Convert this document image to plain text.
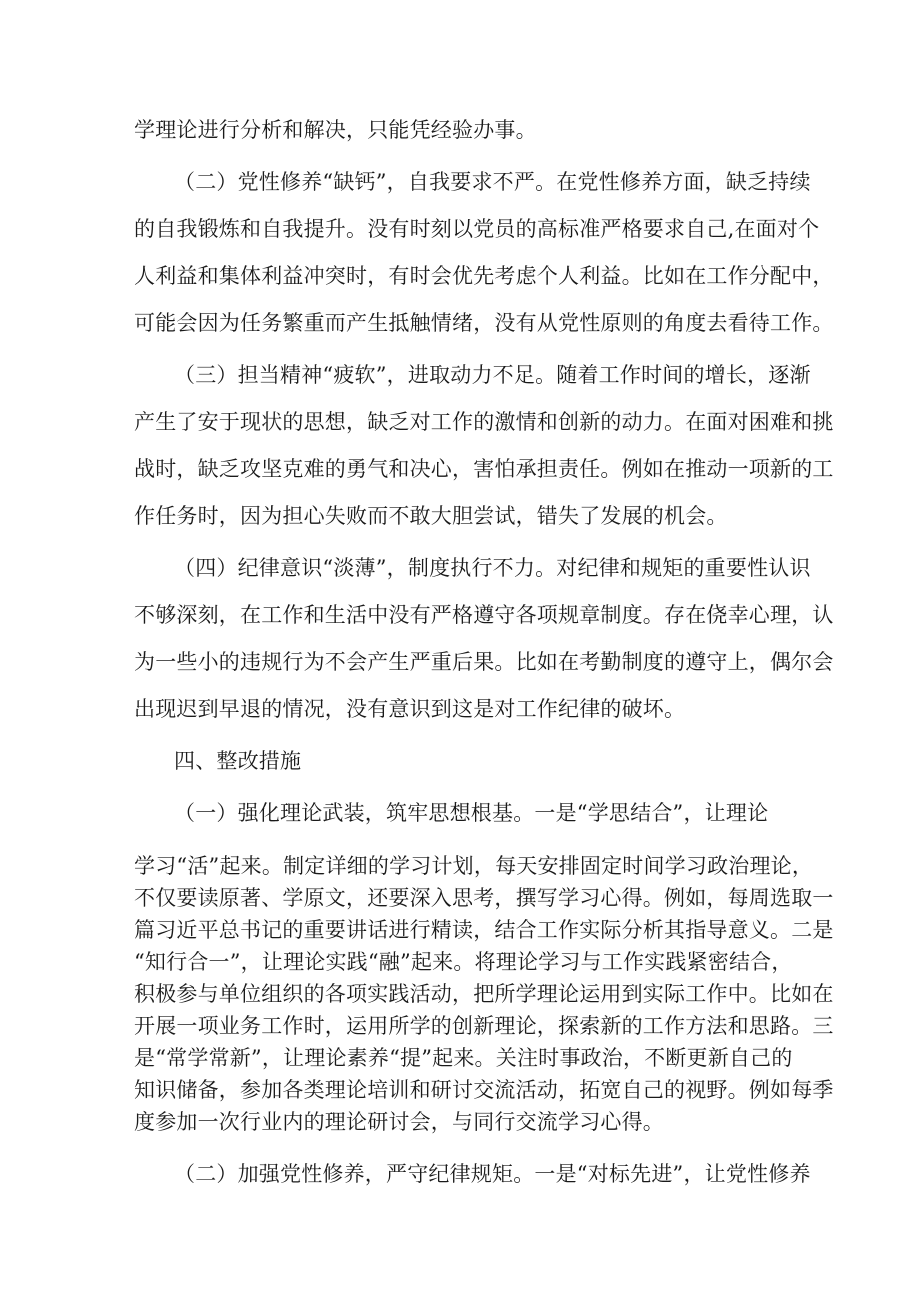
学理论进行分析和解决，只能凭经验办事。
（二）党性修养“缺钙”，自我要求不严。在党性修养方面，缺乏持续
的自我锻炼和自我提升。没有时刻以党员的高标准严格要求自己,在面对个
人利益和集体利益冲突时，有时会优先考虑个人利益。比如在工作分配中，
可能会因为任务繁重而产生抵触情绪，没有从党性原则的角度去看待工作。
（三）担当精神“疲软”，进取动力不足。随着工作时间的增长，逐渐
产生了安于现状的思想，缺乏对工作的激情和创新的动力。在面对困难和挑
战时，缺乏攻坚克难的勇气和决心，害怕承担责任。例如在推动一项新的工
作任务时，因为担心失败而不敢大胆尝试，错失了发展的机会。
（四）纪律意识“淡薄”，制度执行不力。对纪律和规矩的重要性认识
不够深刻，在工作和生活中没有严格遵守各项规章制度。存在侥幸心理，认
为一些小的违规行为不会产生严重后果。比如在考勤制度的遵守上，偶尔会
出现迟到早退的情况，没有意识到这是对工作纪律的破坏。
四、整改措施
（一）强化理论武装，筑牢思想根基。一是“学思结合”，让理论
学习“活”起来。制定详细的学习计划，每天安排固定时间学习政治理论，
不仅要读原著、学原文，还要深入思考，撰写学习心得。例如，每周选取一
篇习近平总书记的重要讲话进行精读，结合工作实际分析其指导意义。二是
“知行合一”，让理论实践“融”起来。将理论学习与工作实践紧密结合，
积极参与单位组织的各项实践活动，把所学理论运用到实际工作中。比如在
开展一项业务工作时，运用所学的创新理论，探索新的工作方法和思路。三
是“常学常新”，让理论素养“提”起来。关注时事政治，不断更新自己的
知识储备，参加各类理论培训和研讨交流活动，拓宽自己的视野。例如每季
度参加一次行业内的理论研讨会，与同行交流学习心得。
（二）加强党性修养，严守纪律规矩。一是“对标先进”，让党性修养
